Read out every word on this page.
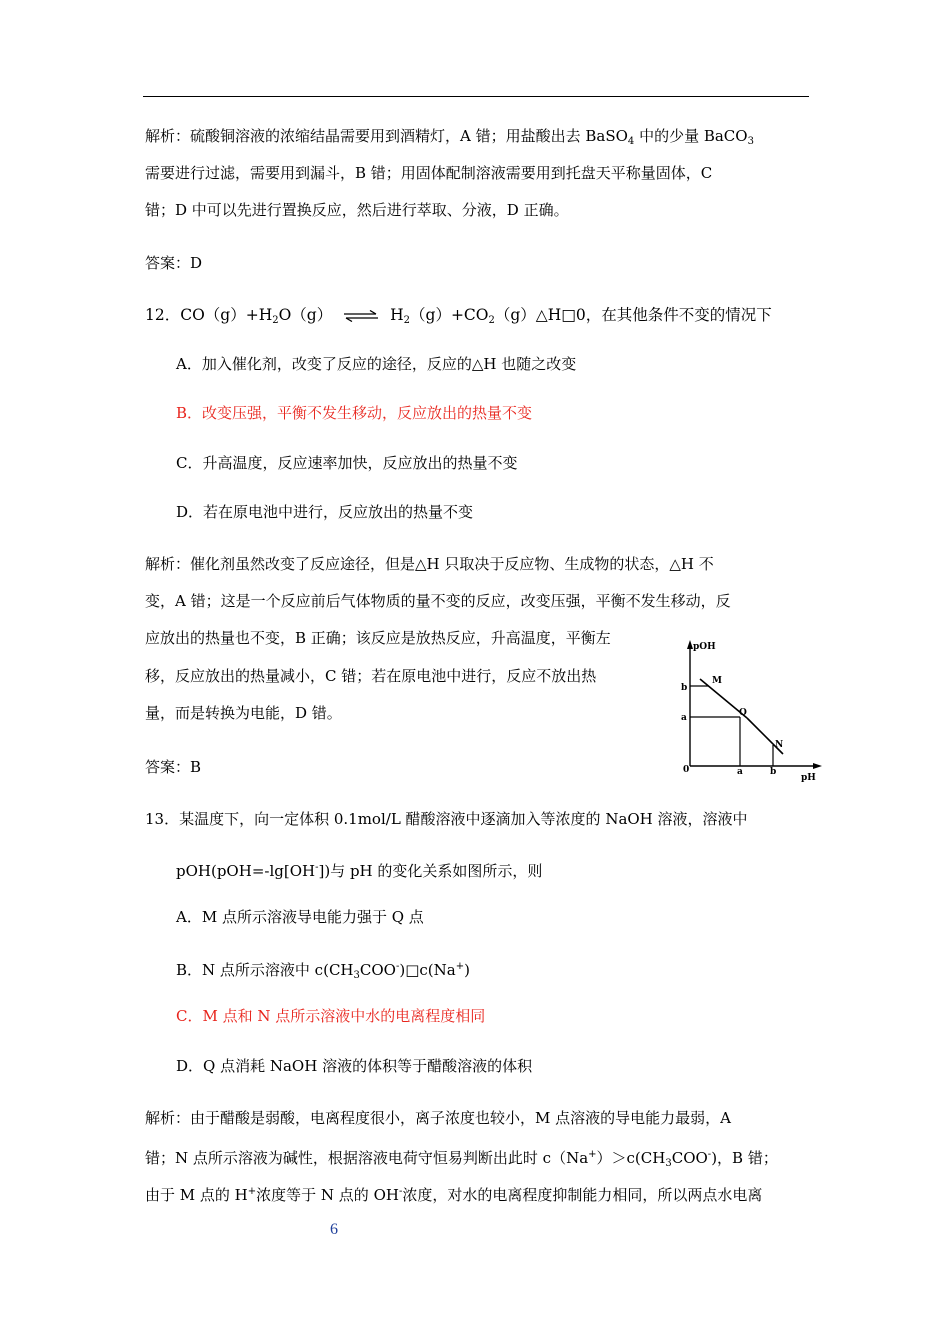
解析：硫酸铜溶液的浓缩结晶需要用到酒精灯，A 错；用盐酸出去 BaSO$_4$ 中的少量 BaCO$_3$
需要进行过滤，需要用到漏斗，B 错；用固体配制溶液需要用到托盘天平称量固体，C
错；D 中可以先进行置换反应，然后进行萃取、分液，D 正确。
答案：D
12．$CO(g)+H_2O(g)$ ⇌ $H_2(g)+CO_2(g)\triangle H□0$，在其他条件不变的情况下
A．加入催化剂，改变了反应的途径，反应的△H 也随之改变
B．改变压强，平衡不发生移动，反应放出的热量不变
C．升高温度，反应速率加快，反应放出的热量不变
D．若在原电池中进行，反应放出的热量不变
解析：催化剂虽然改变了反应途径，但是△H 只取决于反应物、生成物的状态，△H 不
变，A 错；这是一个反应前后气体物质的量不变的反应，改变压强，平衡不发生移动，反
应放出的热量也不变，B 正确；该反应是放热反应，升高温度，平衡左
移，反应放出的热量减小，C 错；若在原电池中进行，反应不放出热
量，而是转换为电能，D 错。
答案：B
pOH
pH
0
b
a
a	b
M
Q
N
13．某温度下，向一定体积 0.1mol/L 醋酸溶液中逐滴加入等浓度的 NaOH 溶液，溶液中
pOH(pOH=-lg[OH-])与 pH 的变化关系如图所示，则
A．M 点所示溶液导电能力强于 Q 点
B．N 点所示溶液中 $c(CH_3COO^-)□c(Na^+)$
C．M 点和 N 点所示溶液中水的电离程度相同
D．Q 点消耗 NaOH 溶液的体积等于醋酸溶液的体积
解析：由于醋酸是弱酸，电离程度很小，离子浓度也较小，M 点溶液的导电能力最弱，A
错；N 点所示溶液为碱性，根据溶液电荷守恒易判断出此时 $c(Na^+)>c(CH_3COO^-)$，B 错；
由于 M 点的 H+浓度等于 N 点的 OH-浓度，对水的电离程度抑制能力相同，所以两点水电离
6
